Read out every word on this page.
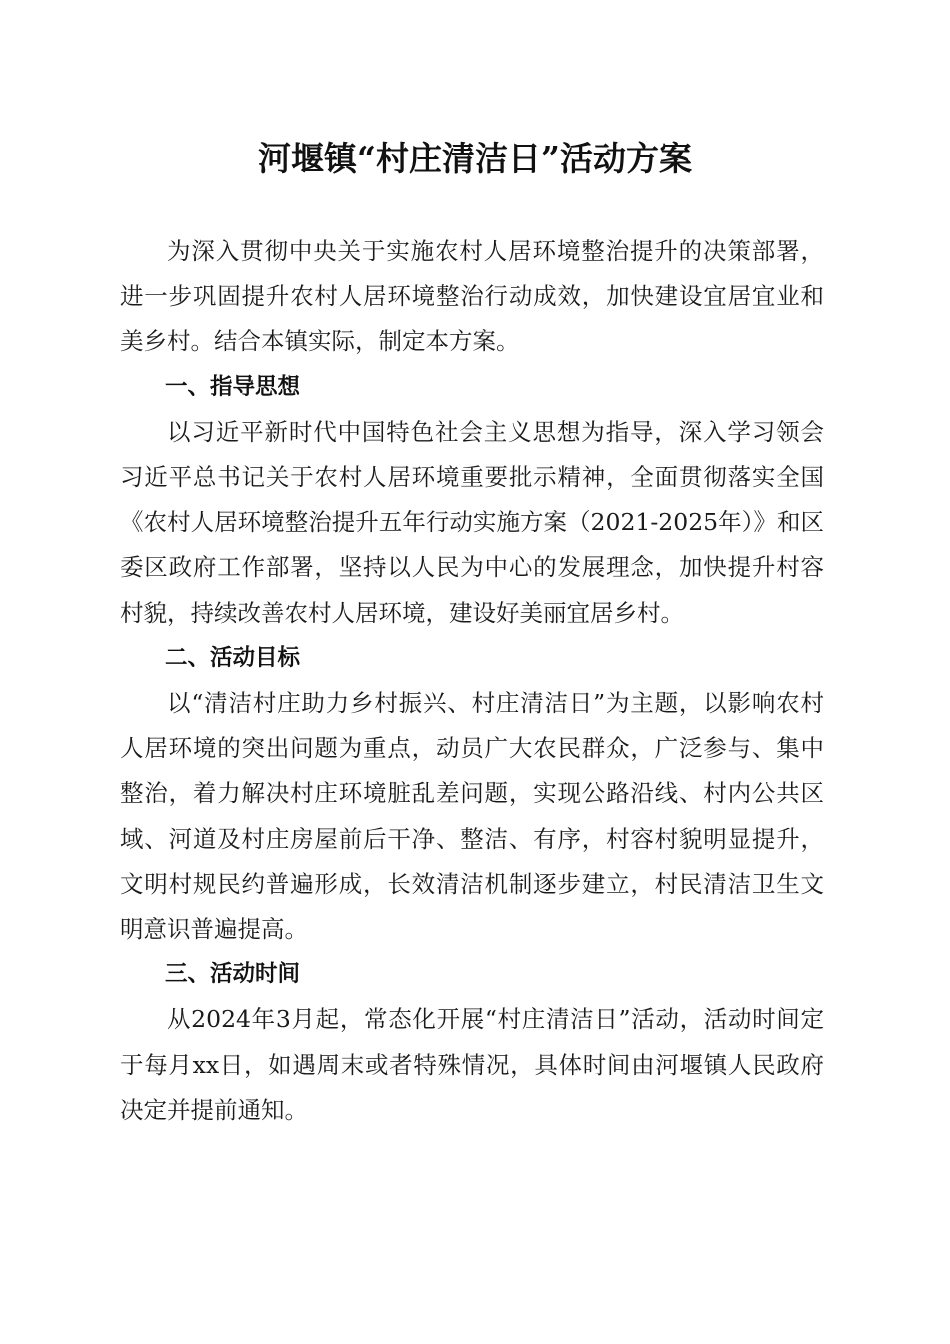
河堰镇“村庄清洁日”活动方案

为深入贯彻中央关于实施农村人居环境整治提升的决策部署，进一步巩固提升农村人居环境整治行动成效，加快建设宜居宜业和美乡村。结合本镇实际，制定本方案。

一、指导思想

以习近平新时代中国特色社会主义思想为指导，深入学习领会习近平总书记关于农村人居环境重要批示精神，全面贯彻落实全国《农村人居环境整治提升五年行动实施方案（2021-2025年）》和区委区政府工作部署，坚持以人民为中心的发展理念，加快提升村容村貌，持续改善农村人居环境，建设好美丽宜居乡村。

二、活动目标

以“清洁村庄助力乡村振兴、村庄清洁日”为主题，以影响农村人居环境的突出问题为重点，动员广大农民群众，广泛参与、集中整治，着力解决村庄环境脏乱差问题，实现公路沿线、村内公共区域、河道及村庄房屋前后干净、整洁、有序，村容村貌明显提升，文明村规民约普遍形成，长效清洁机制逐步建立，村民清洁卫生文明意识普遍提高。

三、活动时间

从2024年3月起，常态化开展“村庄清洁日”活动，活动时间定于每月xx日，如遇周末或者特殊情况，具体时间由河堰镇人民政府决定并提前通知。
